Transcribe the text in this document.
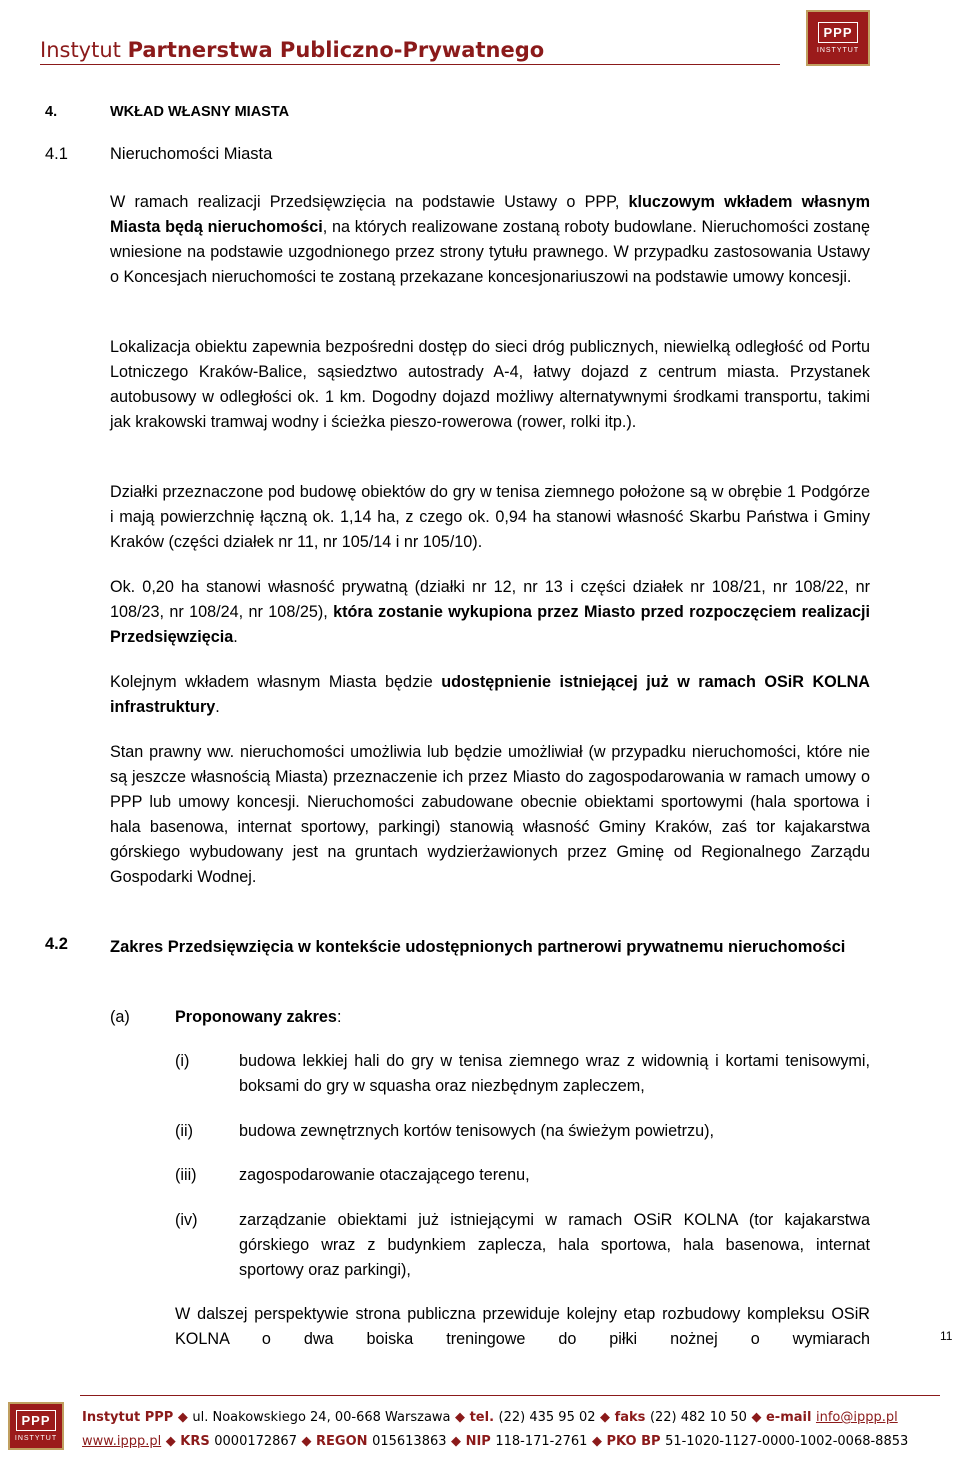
Instytut Partnerstwa Publiczno-Prywatnego
PPP
INSTYTUT
4.	WKŁAD WŁASNY MIASTA
4.1	Nieruchomości Miasta
W ramach realizacji Przedsięwzięcia na podstawie Ustawy o PPP, kluczowym wkładem własnym Miasta będą nieruchomości, na których realizowane zostaną roboty budowlane. Nieruchomości zostanę wniesione na podstawie uzgodnionego przez strony tytułu prawnego. W przypadku zastosowania Ustawy o Koncesjach nieruchomości te zostaną przekazane koncesjonariuszowi na podstawie umowy koncesji.
Lokalizacja obiektu zapewnia bezpośredni dostęp do sieci dróg publicznych, niewielką odległość od Portu Lotniczego Kraków-Balice, sąsiedztwo autostrady A-4, łatwy dojazd z centrum miasta. Przystanek autobusowy w odległości ok. 1 km. Dogodny dojazd możliwy alternatywnymi środkami transportu, takimi jak krakowski tramwaj wodny i ścieżka pieszo-rowerowa (rower, rolki itp.).
Działki przeznaczone pod budowę obiektów do gry w tenisa ziemnego położone są w obrębie 1 Podgórze i mają powierzchnię łączną ok. 1,14 ha, z czego ok. 0,94 ha stanowi własność Skarbu Państwa i Gminy Kraków (części działek nr 11, nr 105/14 i nr 105/10).
Ok. 0,20 ha stanowi własność prywatną (działki nr 12, nr 13 i części działek nr 108/21, nr 108/22, nr 108/23, nr 108/24, nr 108/25), która zostanie wykupiona przez Miasto przed rozpoczęciem realizacji Przedsięwzięcia.
Kolejnym wkładem własnym Miasta będzie udostępnienie istniejącej już w ramach OSiR KOLNA infrastruktury.
Stan prawny ww. nieruchomości umożliwia lub będzie umożliwiał (w przypadku nieruchomości, które nie są jeszcze własnością Miasta) przeznaczenie ich przez Miasto do zagospodarowania w ramach umowy o PPP lub umowy koncesji. Nieruchomości zabudowane obecnie obiektami sportowymi (hala sportowa i hala basenowa, internat sportowy, parkingi) stanowią własność Gminy Kraków, zaś tor kajakarstwa górskiego wybudowany jest na gruntach wydzierżawionych przez Gminę od Regionalnego Zarządu Gospodarki Wodnej.
4.2	Zakres Przedsięwzięcia w kontekście udostępnionych partnerowi prywatnemu nieruchomości
(a)	Proponowany zakres:
(i)	budowa lekkiej hali do gry w tenisa ziemnego wraz z widownią i kortami tenisowymi, boksami do gry w squasha oraz niezbędnym zapleczem,
(ii)	budowa zewnętrznych kortów tenisowych (na świeżym powietrzu),
(iii)	zagospodarowanie otaczającego terenu,
(iv)	zarządzanie obiektami już istniejącymi w ramach OSiR KOLNA (tor kajakarstwa górskiego wraz z budynkiem zaplecza, hala sportowa, hala basenowa, internat sportowy oraz parkingi),
W dalszej perspektywie strona publiczna przewiduje kolejny etap rozbudowy kompleksu OSiR KOLNA o dwa boiska treningowe do piłki nożnej o wymiarach	11
PPP
INSTYTUT
Instytut PPP ◆ ul. Noakowskiego 24, 00-668 Warszawa ◆ tel. (22) 435 95 02 ◆ faks (22) 482 10 50 ◆ e-mail info@ippp.pl
www.ippp.pl ◆ KRS 0000172867 ◆ REGON 015613863 ◆ NIP 118-171-2761 ◆ PKO BP 51-1020-1127-0000-1002-0068-8853
